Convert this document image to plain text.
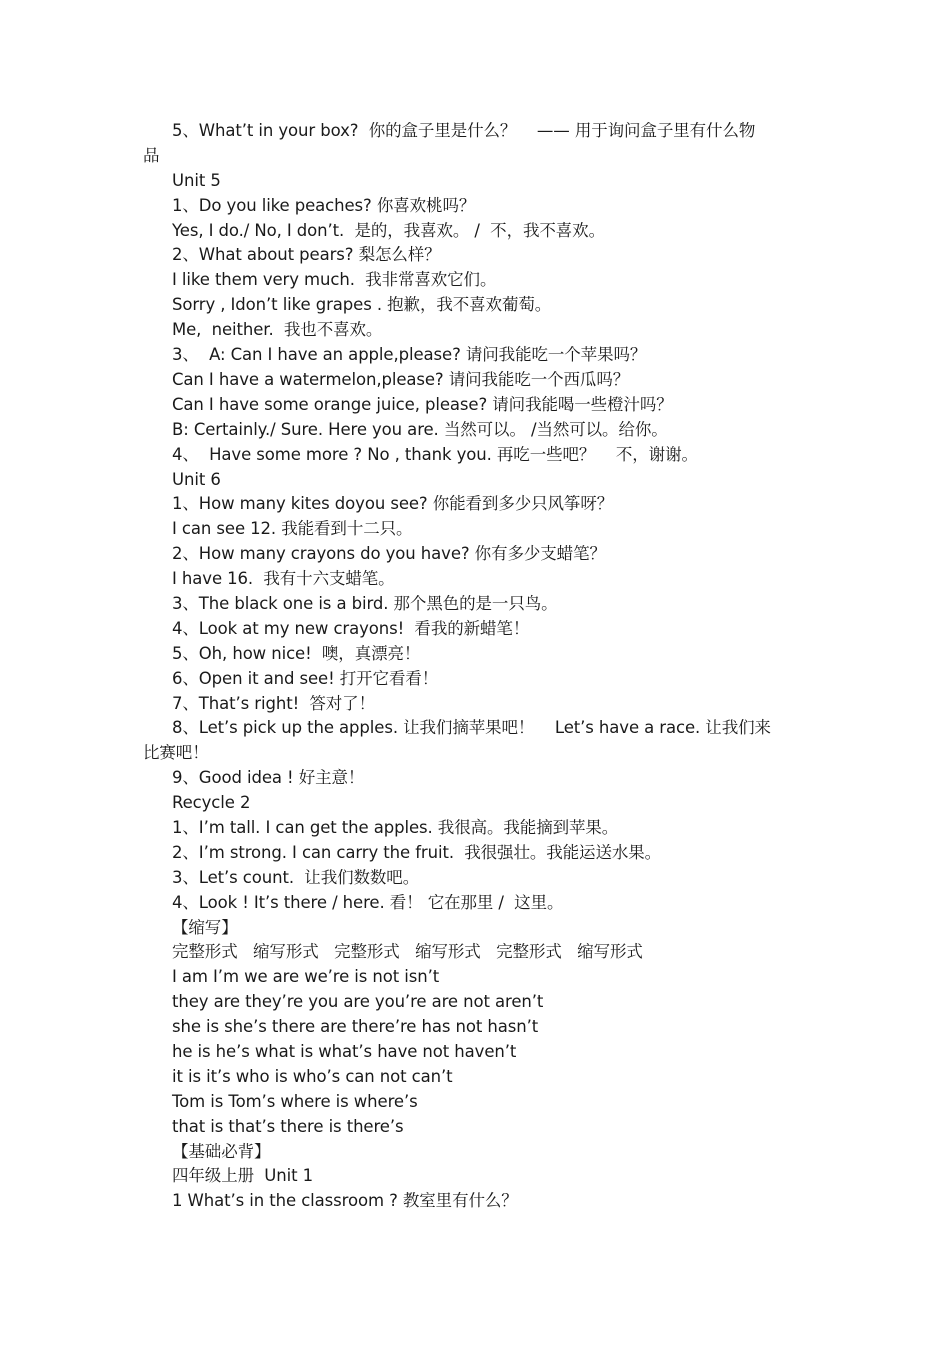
5、What’t in your box?  你的盒子里是什么？    —— 用于询问盒子里有什么物
品
Unit 5
1、Do you like peaches? 你喜欢桃吗？
Yes, I do./ No, I don’t.  是的，我喜欢。 /  不，我不喜欢。
2、What about pears? 梨怎么样？
I like them very much.  我非常喜欢它们。
Sorry , Idon’t like grapes . 抱歉，我不喜欢葡萄。
Me,  neither.  我也不喜欢。
3、  A: Can I have an apple,please? 请问我能吃一个苹果吗？
Can I have a watermelon,please? 请问我能吃一个西瓜吗？
Can I have some orange juice, please? 请问我能喝一些橙汁吗？
B: Certainly./ Sure. Here you are. 当然可以。 /当然可以。给你。
4、  Have some more ? No , thank you. 再吃一些吧？    不，谢谢。
Unit 6
1、How many kites doyou see? 你能看到多少只风筝呀？
I can see 12. 我能看到十二只。
2、How many crayons do you have? 你有多少支蜡笔？
I have 16.  我有十六支蜡笔。
3、The black one is a bird. 那个黑色的是一只鸟。
4、Look at my new crayons!  看我的新蜡笔！
5、Oh, how nice!  噢，真漂亮！
6、Open it and see! 打开它看看！
7、That’s right!  答对了！
8、Let’s pick up the apples. 让我们摘苹果吧！    Let’s have a race. 让我们来
比赛吧！
9、Good idea ! 好主意！
Recycle 2
1、I’m tall. I can get the apples. 我很高。我能摘到苹果。
2、I’m strong. I can carry the fruit.  我很强壮。我能运送水果。
3、Let’s count.  让我们数数吧。
4、Look ! It’s there / here. 看！ 它在那里 /  这里。
【缩写】
完整形式   缩写形式   完整形式   缩写形式   完整形式   缩写形式
I am I’m we are we’re is not isn’t
they are they’re you are you’re are not aren’t
she is she’s there are there’re has not hasn’t
he is he’s what is what’s have not haven’t
it is it’s who is who’s can not can’t
Tom is Tom’s where is where’s
that is that’s there is there’s
【基础必背】
四年级上册  Unit 1
1 What’s in the classroom ? 教室里有什么？
